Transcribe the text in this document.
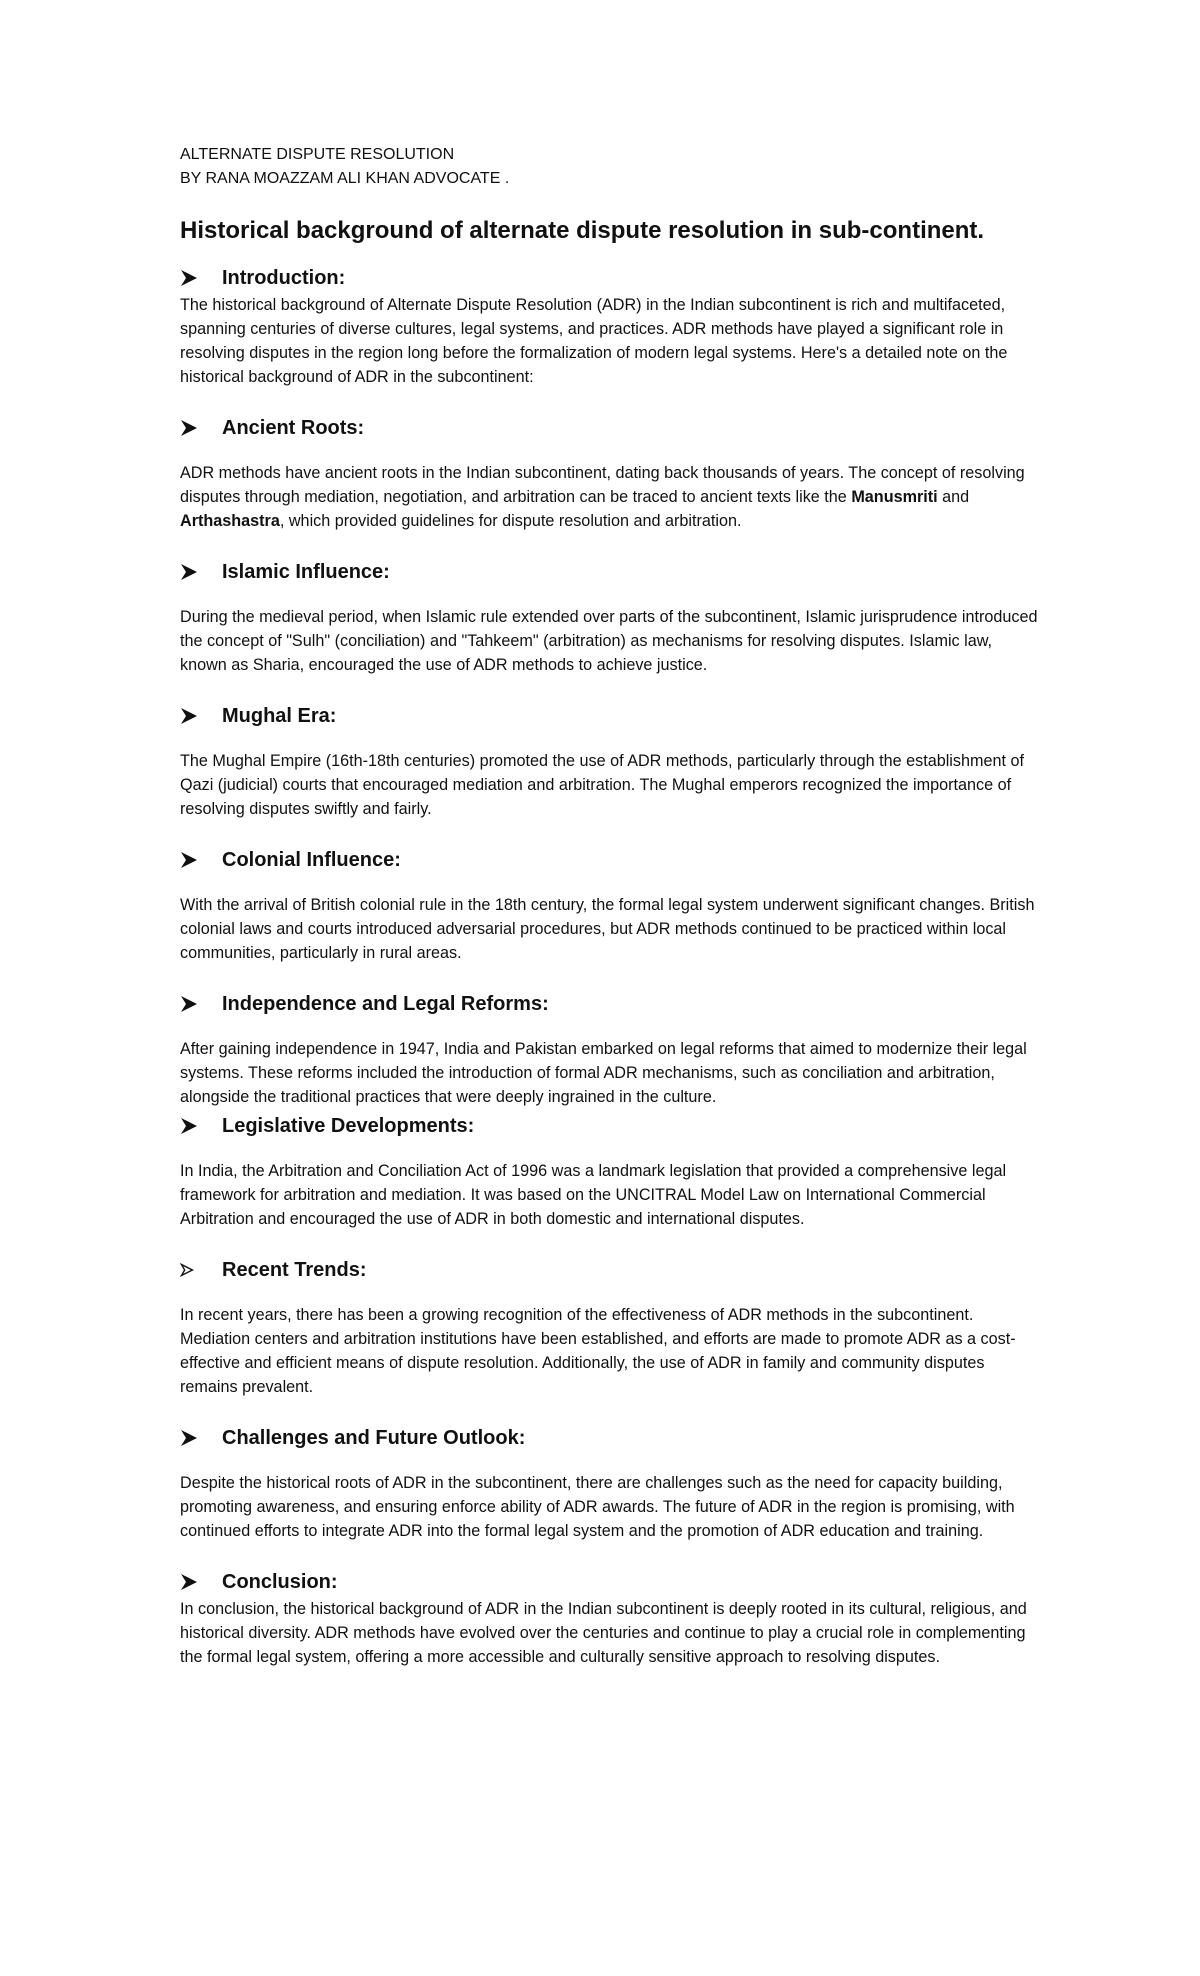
ALTERNATE DISPUTE RESOLUTION

BY RANA MOAZZAM ALI KHAN ADVOCATE .

Historical background of alternate dispute resolution in sub-continent.
Introduction:

The historical background of Alternate Dispute Resolution (ADR) in the Indian subcontinent is rich and multifaceted, spanning centuries of diverse cultures, legal systems, and practices. ADR methods have played a significant role in resolving disputes in the region long before the formalization of modern legal systems. Here's a detailed note on the historical background of ADR in the subcontinent:

Ancient Roots:

ADR methods have ancient roots in the Indian subcontinent, dating back thousands of years. The concept of resolving disputes through mediation, negotiation, and arbitration can be traced to ancient texts like the Manusmriti and Arthashastra, which provided guidelines for dispute resolution and arbitration.

Islamic Influence:

During the medieval period, when Islamic rule extended over parts of the subcontinent, Islamic jurisprudence introduced the concept of "Sulh" (conciliation) and "Tahkeem" (arbitration) as mechanisms for resolving disputes. Islamic law, known as Sharia, encouraged the use of ADR methods to achieve justice.

Mughal Era:

The Mughal Empire (16th-18th centuries) promoted the use of ADR methods, particularly through the establishment of Qazi (judicial) courts that encouraged mediation and arbitration. The Mughal emperors recognized the importance of resolving disputes swiftly and fairly.

Colonial Influence:

With the arrival of British colonial rule in the 18th century, the formal legal system underwent significant changes. British colonial laws and courts introduced adversarial procedures, but ADR methods continued to be practiced within local communities, particularly in rural areas.

Independence and Legal Reforms:

After gaining independence in 1947, India and Pakistan embarked on legal reforms that aimed to modernize their legal systems. These reforms included the introduction of formal ADR mechanisms, such as conciliation and arbitration, alongside the traditional practices that were deeply ingrained in the culture.

Legislative Developments:

In India, the Arbitration and Conciliation Act of 1996 was a landmark legislation that provided a comprehensive legal framework for arbitration and mediation. It was based on the UNCITRAL Model Law on International Commercial Arbitration and encouraged the use of ADR in both domestic and international disputes.

Recent Trends:

In recent years, there has been a growing recognition of the effectiveness of ADR methods in the subcontinent. Mediation centers and arbitration institutions have been established, and efforts are made to promote ADR as a cost-effective and efficient means of dispute resolution. Additionally, the use of ADR in family and community disputes remains prevalent.

Challenges and Future Outlook:

Despite the historical roots of ADR in the subcontinent, there are challenges such as the need for capacity building, promoting awareness, and ensuring enforce ability of ADR awards. The future of ADR in the region is promising, with continued efforts to integrate ADR into the formal legal system and the promotion of ADR education and training.

Conclusion:

In conclusion, the historical background of ADR in the Indian subcontinent is deeply rooted in its cultural, religious, and historical diversity. ADR methods have evolved over the centuries and continue to play a crucial role in complementing the formal legal system, offering a more accessible and culturally sensitive approach to resolving disputes.
